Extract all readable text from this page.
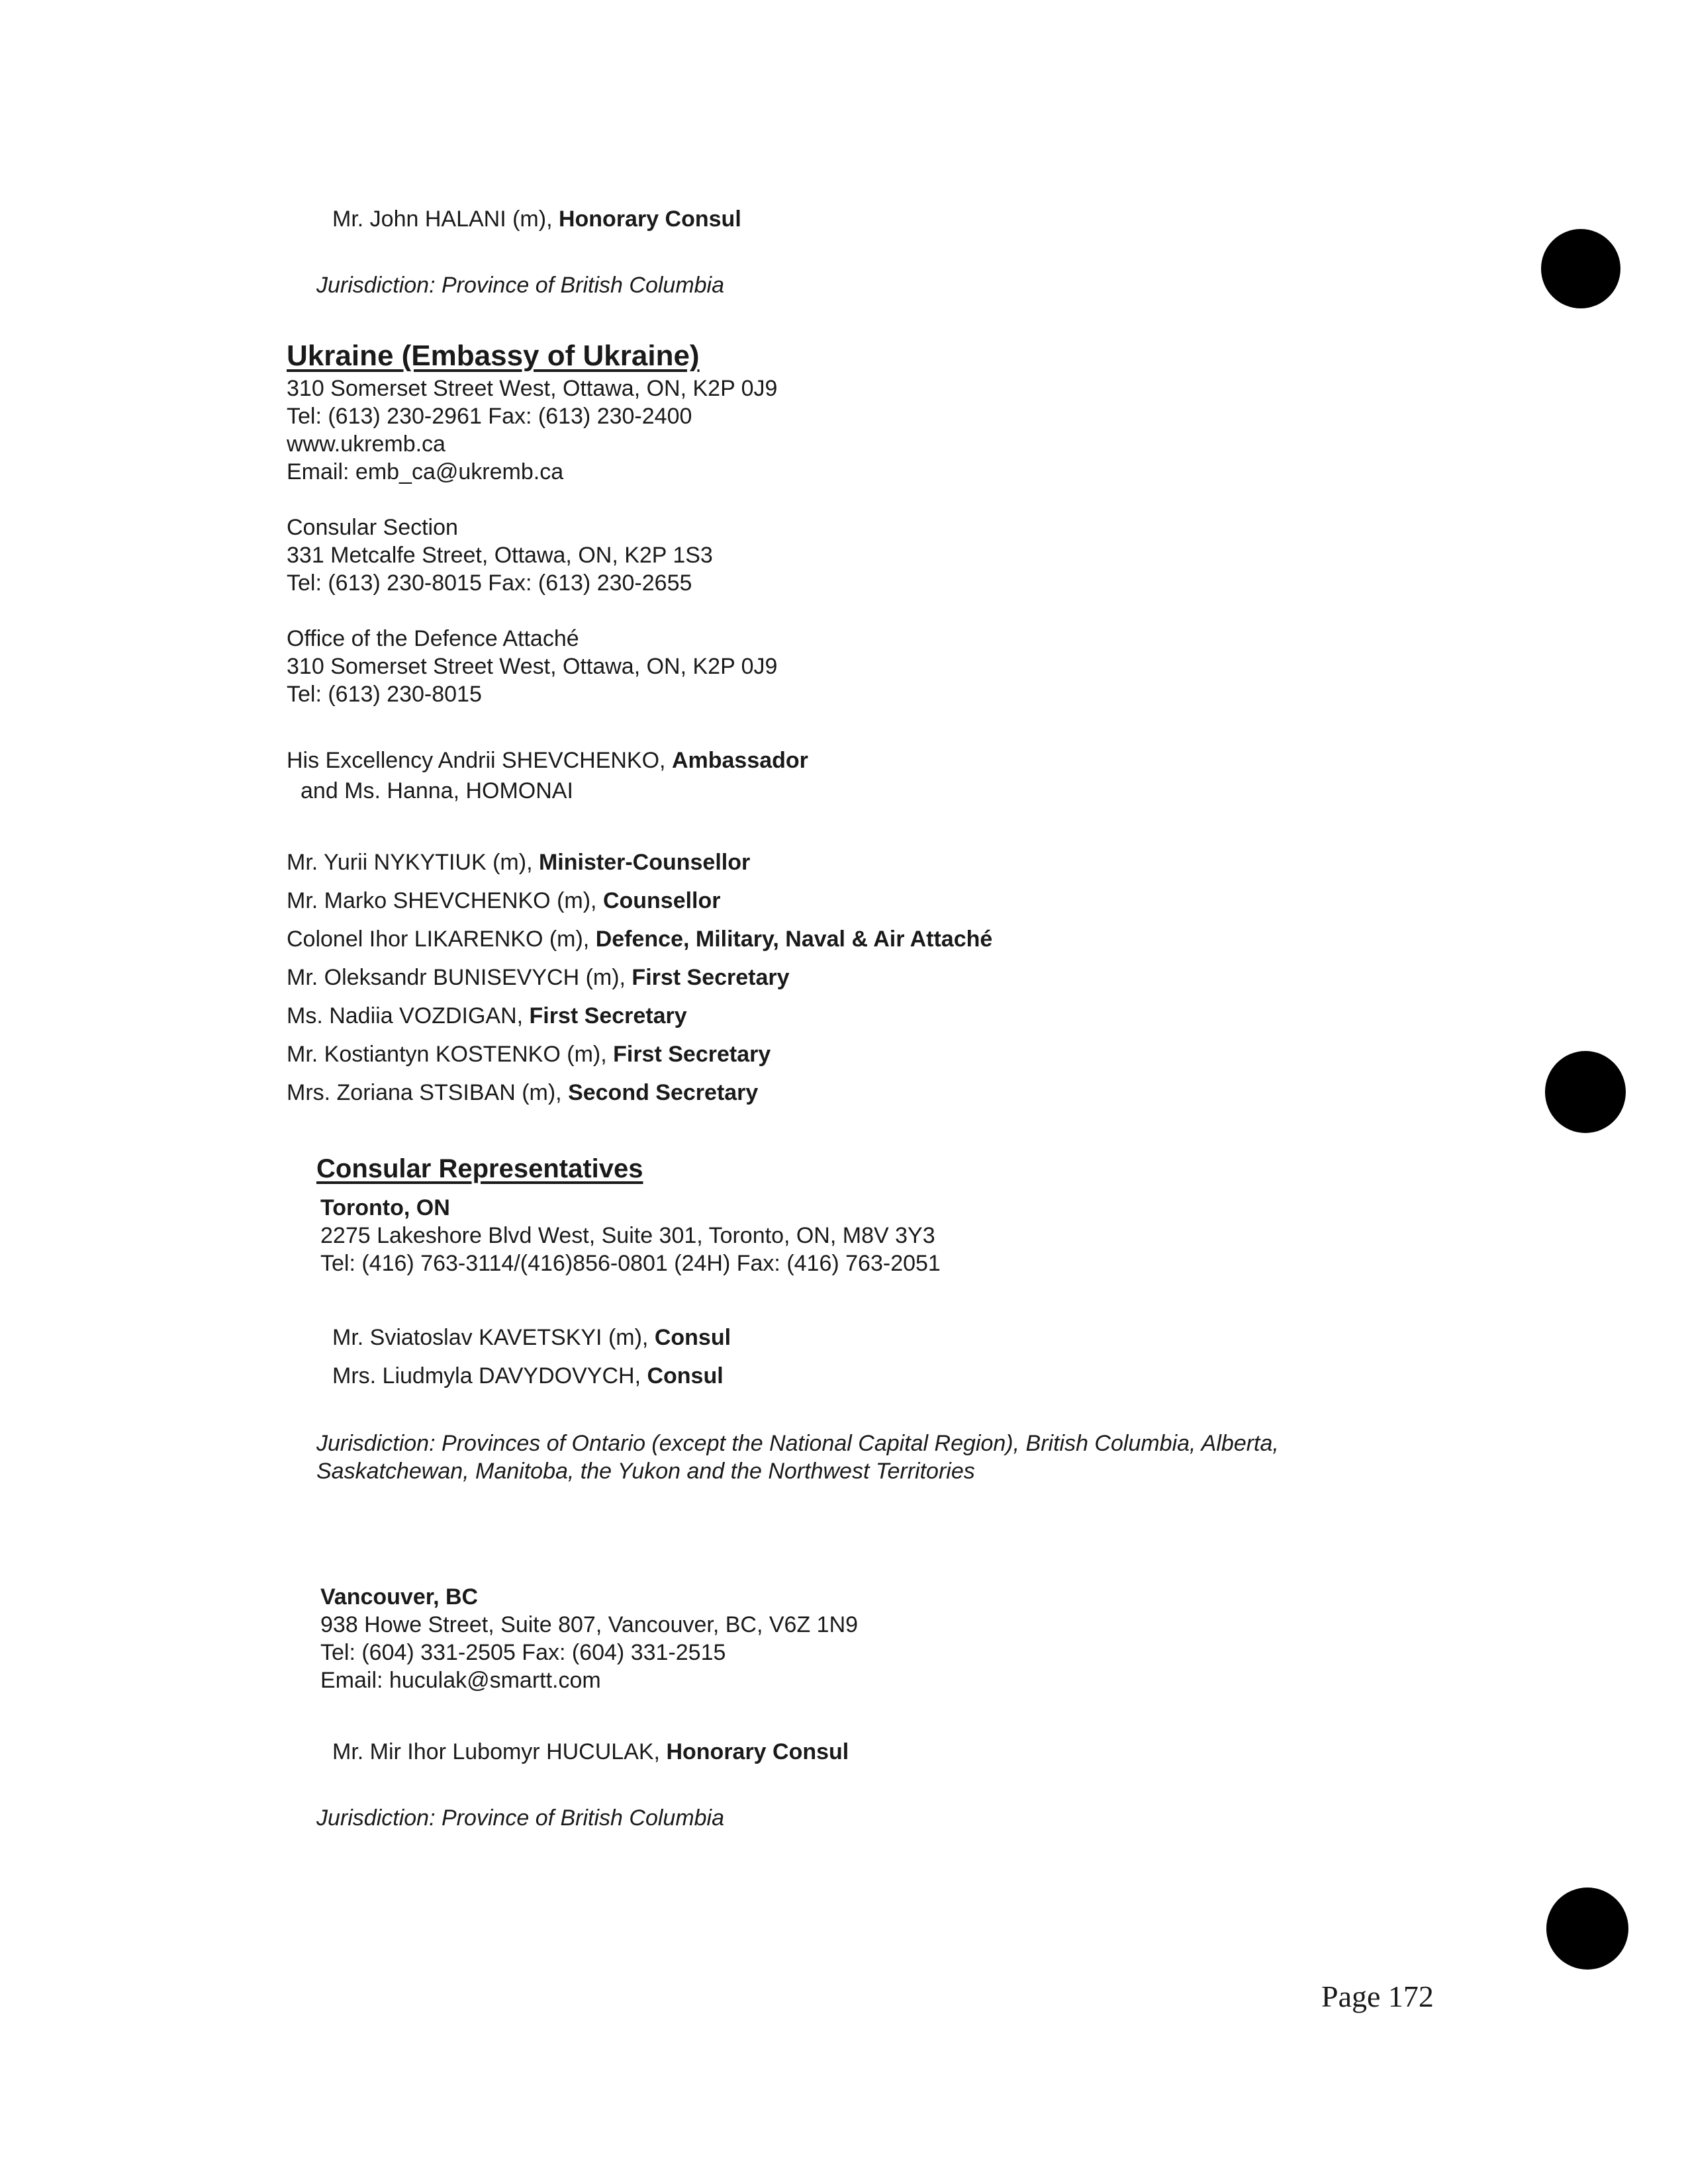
Mr. John HALANI (m), Honorary Consul
Jurisdiction: Province of British Columbia
Ukraine (Embassy of Ukraine)
310 Somerset Street West, Ottawa, ON, K2P 0J9
Tel: (613) 230-2961 Fax: (613) 230-2400
www.ukremb.ca
Email: emb_ca@ukremb.ca
Consular Section
331 Metcalfe Street, Ottawa, ON, K2P 1S3
Tel: (613) 230-8015 Fax: (613) 230-2655
Office of the Defence Attaché
310 Somerset Street West, Ottawa, ON, K2P 0J9
Tel: (613) 230-8015
His Excellency Andrii SHEVCHENKO, Ambassador
and Ms. Hanna, HOMONAI
Mr. Yurii NYKYTIUK (m), Minister-Counsellor
Mr. Marko SHEVCHENKO (m), Counsellor
Colonel Ihor LIKARENKO (m), Defence, Military, Naval & Air Attaché
Mr. Oleksandr BUNISEVYCH (m), First Secretary
Ms. Nadiia VOZDIGAN, First Secretary
Mr. Kostiantyn KOSTENKO (m), First Secretary
Mrs. Zoriana STSIBAN (m), Second Secretary
Consular Representatives
Toronto, ON
2275 Lakeshore Blvd West, Suite 301, Toronto, ON, M8V 3Y3
Tel: (416) 763-3114/(416)856-0801 (24H) Fax: (416) 763-2051
Mr. Sviatoslav KAVETSKYI (m), Consul
Mrs. Liudmyla DAVYDOVYCH, Consul
Jurisdiction: Provinces of Ontario (except the National Capital Region), British Columbia, Alberta,
Saskatchewan, Manitoba, the Yukon and the Northwest Territories
Vancouver, BC
938 Howe Street, Suite 807, Vancouver, BC, V6Z 1N9
Tel: (604) 331-2505 Fax: (604) 331-2515
Email: huculak@smartt.com
Mr. Mir Ihor Lubomyr HUCULAK, Honorary Consul
Jurisdiction: Province of British Columbia
Page 172
